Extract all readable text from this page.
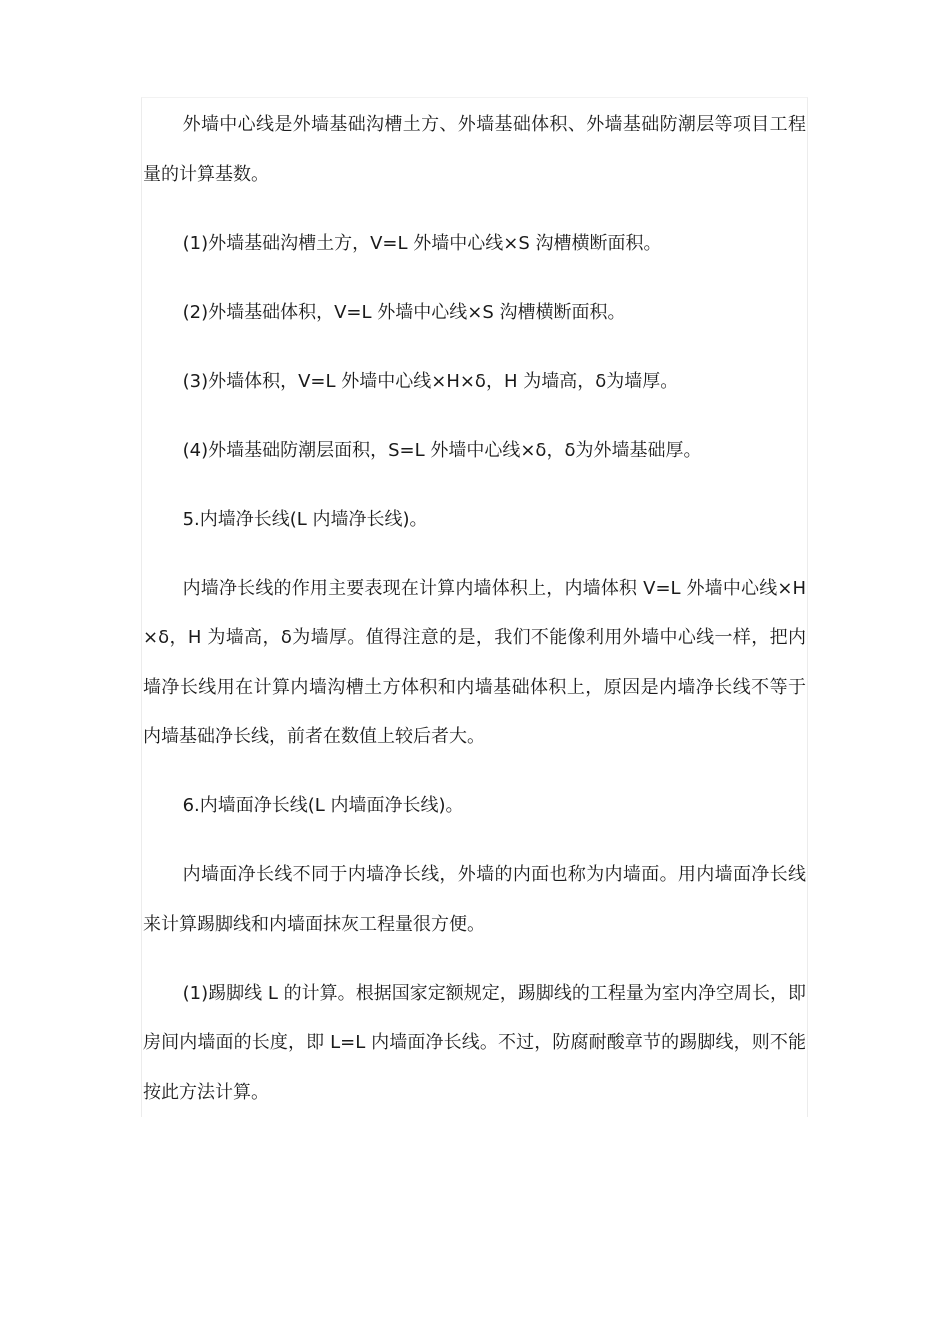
外墙中心线是外墙基础沟槽土方、外墙基础体积、外墙基础防潮层等项目工程量的计算基数。

(1)外墙基础沟槽土方，V=L 外墙中心线×S 沟槽横断面积。

(2)外墙基础体积，V=L 外墙中心线×S 沟槽横断面积。

(3)外墙体积，V=L 外墙中心线×H×δ，H 为墙高，δ为墙厚。

(4)外墙基础防潮层面积，S=L 外墙中心线×δ，δ为外墙基础厚。

5.内墙净长线(L 内墙净长线)。

内墙净长线的作用主要表现在计算内墙体积上，内墙体积 V=L 外墙中心线×H×δ，H 为墙高，δ为墙厚。值得注意的是，我们不能像利用外墙中心线一样，把内墙净长线用在计算内墙沟槽土方体积和内墙基础体积上，原因是内墙净长线不等于内墙基础净长线，前者在数值上较后者大。

6.内墙面净长线(L 内墙面净长线)。

内墙面净长线不同于内墙净长线，外墙的内面也称为内墙面。用内墙面净长线来计算踢脚线和内墙面抹灰工程量很方便。

(1)踢脚线 L 的计算。根据国家定额规定，踢脚线的工程量为室内净空周长，即房间内墙面的长度，即 L=L 内墙面净长线。不过，防腐耐酸章节的踢脚线，则不能按此方法计算。
